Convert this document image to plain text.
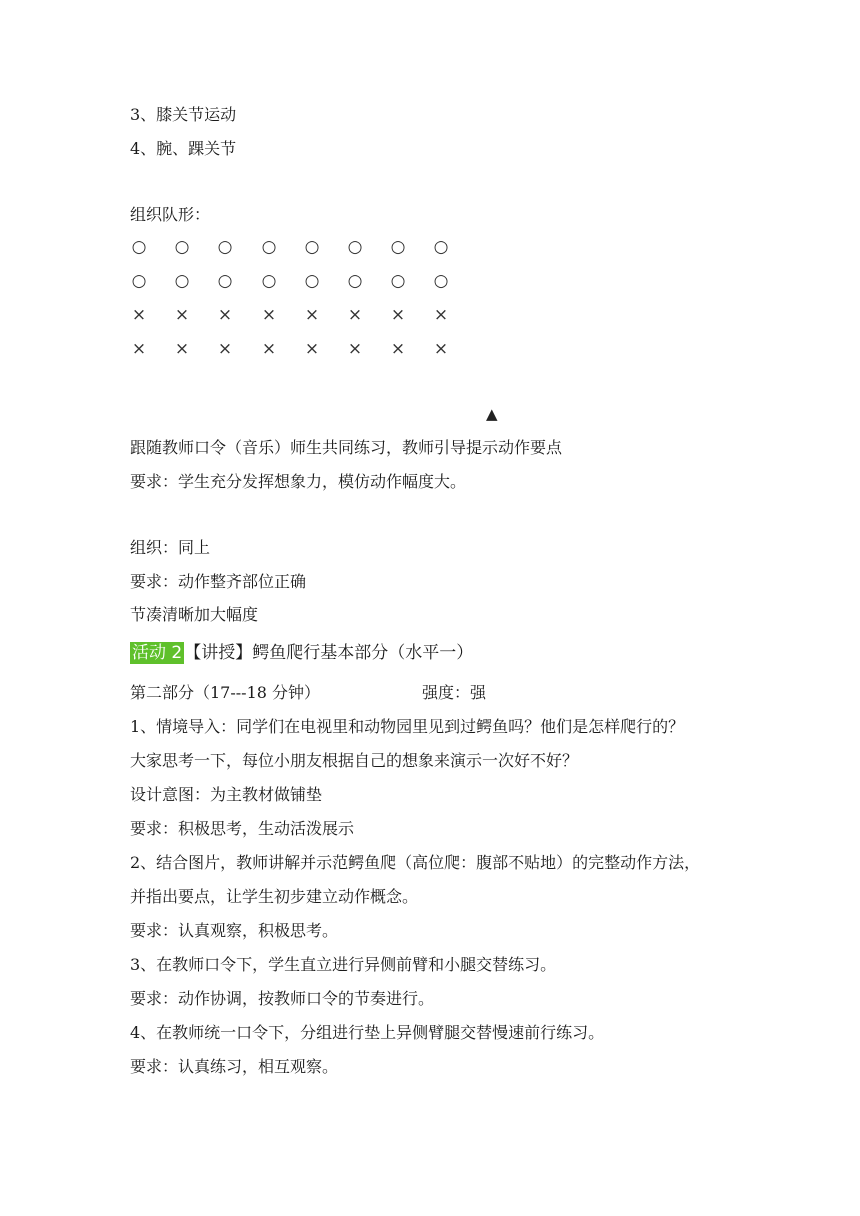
3、膝关节运动
4、腕、踝关节
组织队形：
○ ○ ○ ○ ○ ○ ○ ○
○ ○ ○ ○ ○ ○ ○ ○
× × × × × × × ×
× × × × × × × ×
▲
跟随教师口令（音乐）师生共同练习，教师引导提示动作要点
要求：学生充分发挥想象力，模仿动作幅度大。
组织：同上
要求：动作整齐部位正确
节凑清晰加大幅度
活动 2 【讲授】鳄鱼爬行基本部分（水平一）
第二部分（17---18 分钟）	强度：强
1、情境导入：同学们在电视里和动物园里见到过鳄鱼吗？他们是怎样爬行的？
大家思考一下，每位小朋友根据自己的想象来演示一次好不好？
设计意图：为主教材做铺垫
要求：积极思考，生动活泼展示
2、结合图片，教师讲解并示范鳄鱼爬（高位爬：腹部不贴地）的完整动作方法，
并指出要点，让学生初步建立动作概念。
要求：认真观察，积极思考。
3、在教师口令下，学生直立进行异侧前臂和小腿交替练习。
要求：动作协调，按教师口令的节奏进行。
4、在教师统一口令下，分组进行垫上异侧臂腿交替慢速前行练习。
要求：认真练习，相互观察。
